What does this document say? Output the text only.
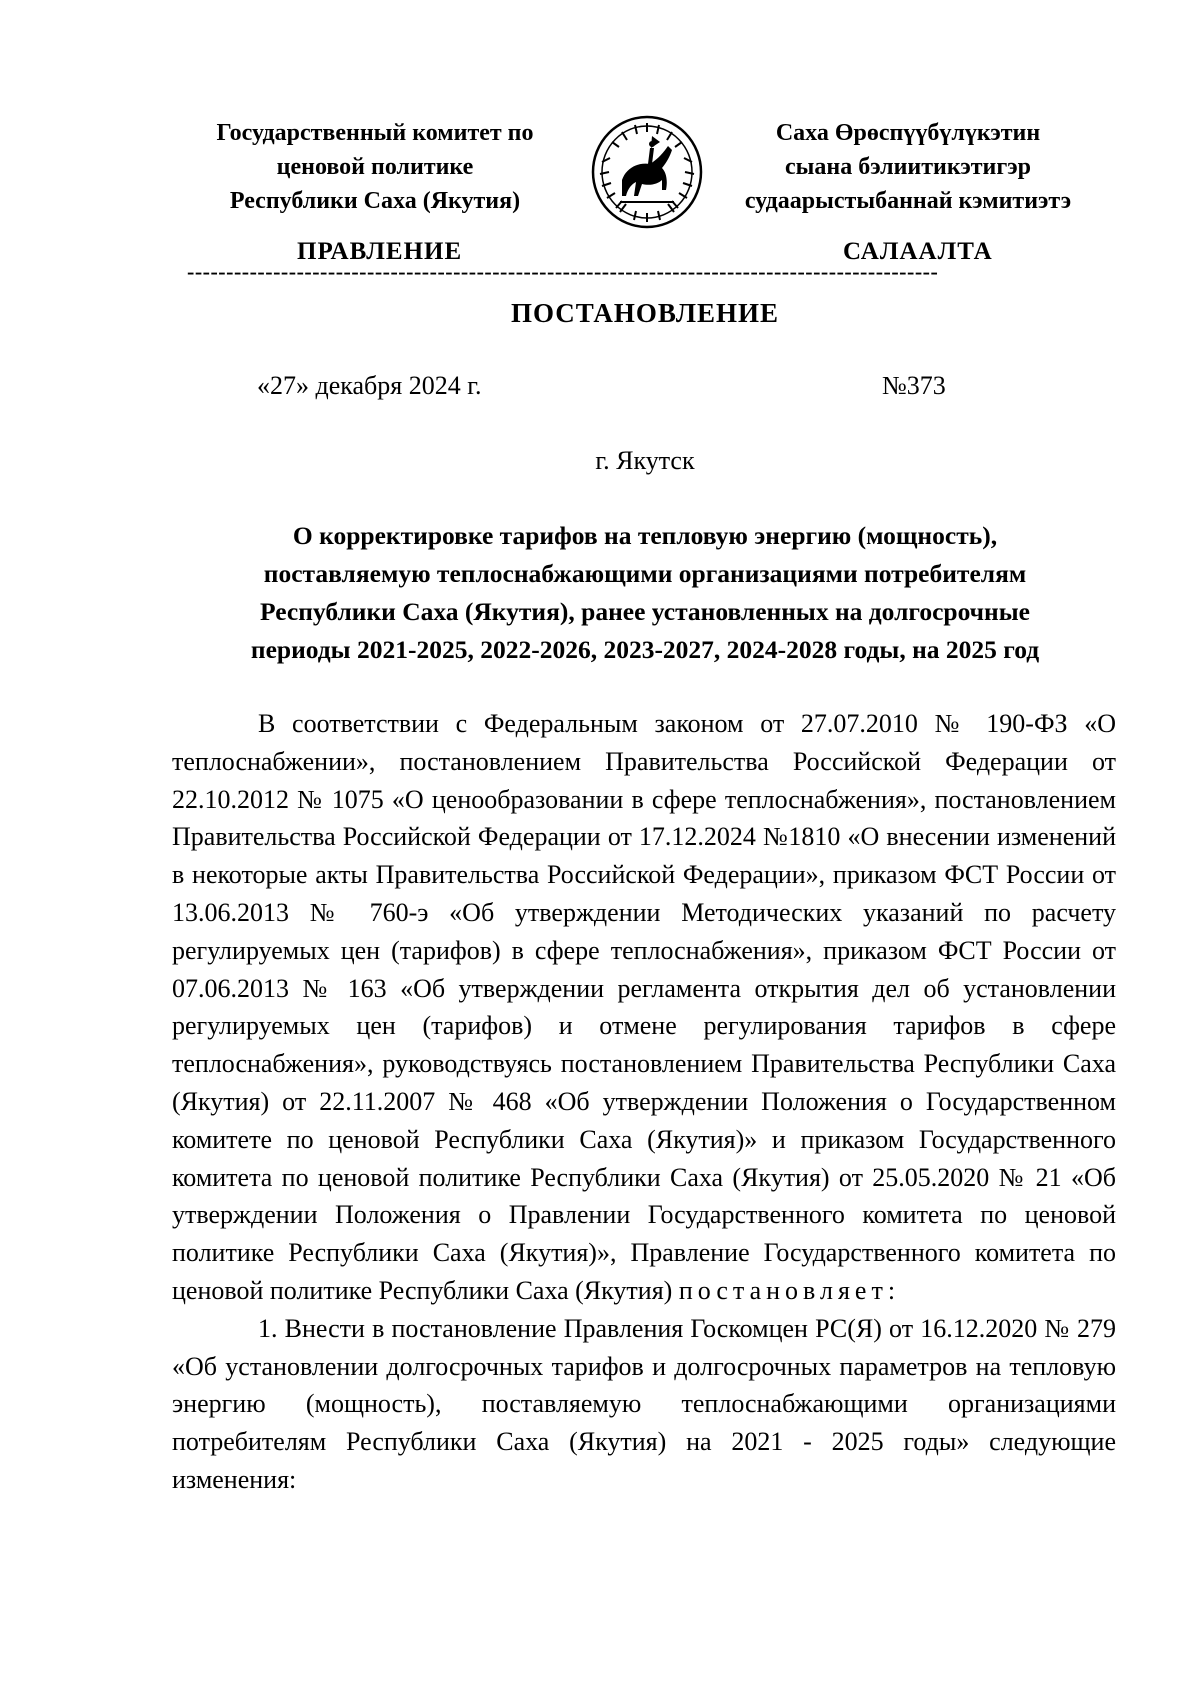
Государственный комитет по
ценовой политике
Республики Саха (Якутия)
Саха Өрөспүүбүлүкэтин
сыана бэлиитикэтигэр
судаарыстыбаннай кэмитиэтэ
ПРАВЛЕНИЕ	САЛААЛТА
------------------------------------------------------------------------------------------------
ПОСТАНОВЛЕНИЕ
«27» декабря 2024 г.	№373
г. Якутск
О корректировке тарифов на тепловую энергию (мощность),
поставляемую теплоснабжающими организациями потребителям
Республики Саха (Якутия), ранее установленных на долгосрочные
периоды 2021-2025, 2022-2026, 2023-2027, 2024-2028 годы, на 2025 год

В соответствии с Федеральным законом от 27.07.2010 № 190-ФЗ «О теплоснабжении», постановлением Правительства Российской Федерации от 22.10.2012 № 1075 «О ценообразовании в сфере теплоснабжения», постановлением Правительства Российской Федерации от 17.12.2024 №1810 «О внесении изменений в некоторые акты Правительства Российской Федерации», приказом ФСТ России от 13.06.2013 № 760-э «Об утверждении Методических указаний по расчету регулируемых цен (тарифов) в сфере теплоснабжения», приказом ФСТ России от 07.06.2013 № 163 «Об утверждении регламента открытия дел об установлении регулируемых цен (тарифов) и отмене регулирования тарифов в сфере теплоснабжения», руководствуясь постановлением Правительства Республики Саха (Якутия) от 22.11.2007 № 468 «Об утверждении Положения о Государственном комитете по ценовой Республики Саха (Якутия)» и приказом Государственного комитета по ценовой политике Республики Саха (Якутия) от 25.05.2020 № 21 «Об утверждении Положения о Правлении Государственного комитета по ценовой политике Республики Саха (Якутия)», Правление Государственного комитета по ценовой политике Республики Саха (Якутия) постановляет:

1. Внести в постановление Правления Госкомцен РС(Я) от 16.12.2020 № 279 «Об установлении долгосрочных тарифов и долгосрочных параметров на тепловую энергию (мощность), поставляемую теплоснабжающими организациями потребителям Республики Саха (Якутия) на 2021 - 2025 годы» следующие изменения:
